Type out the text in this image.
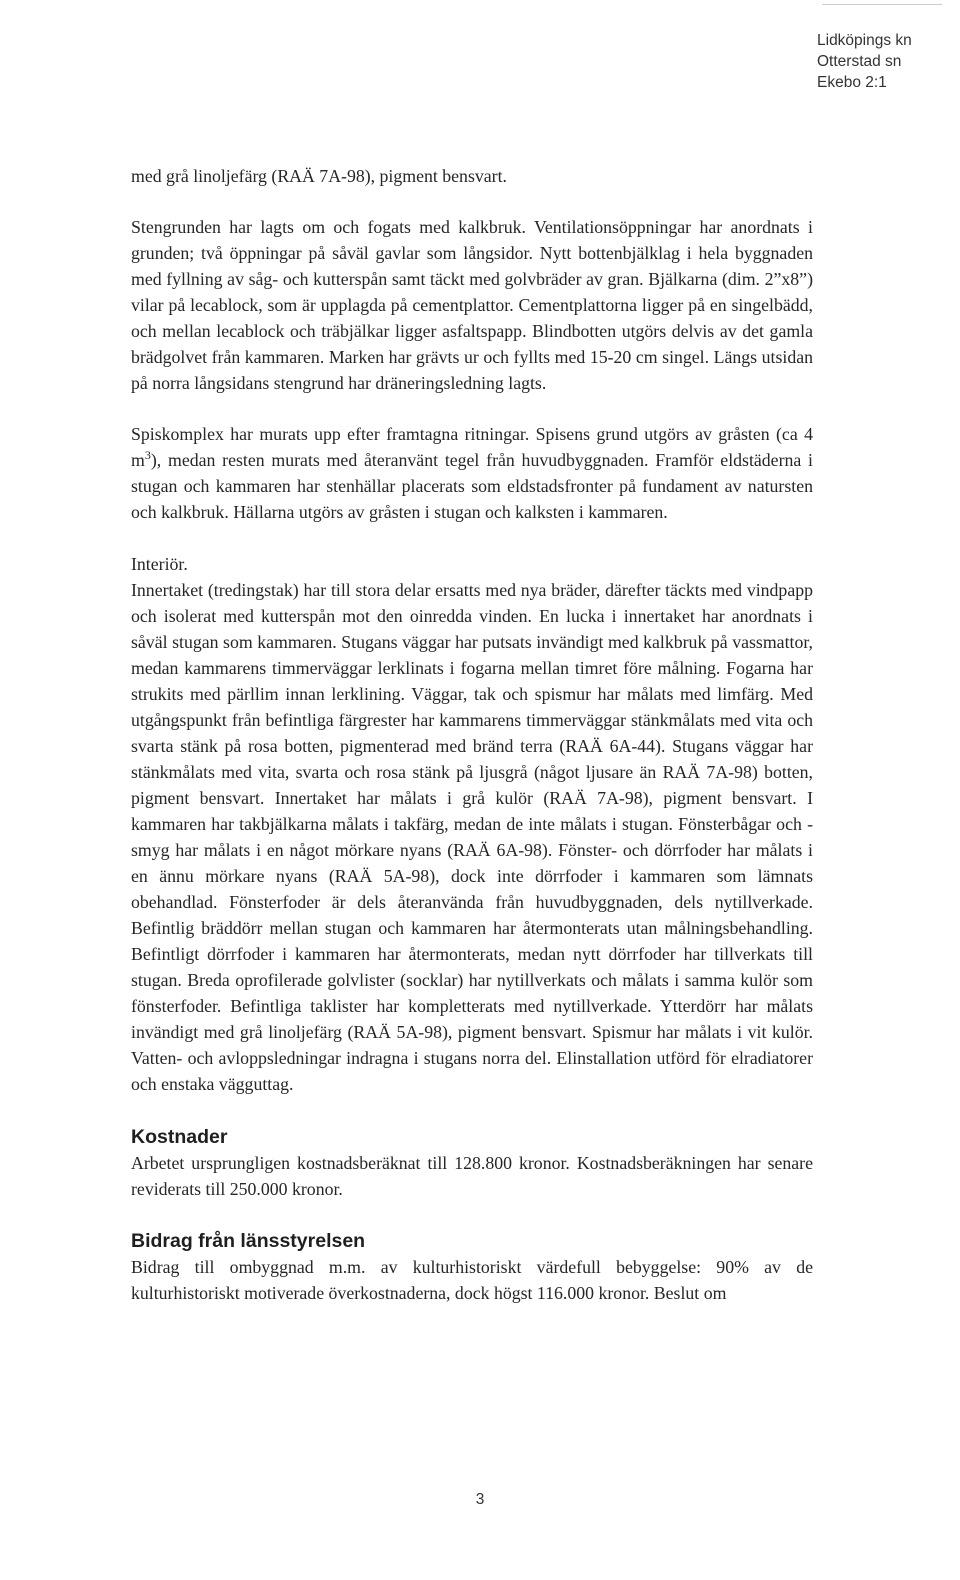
Lidköpings kn
Otterstad sn
Ekebo 2:1

med grå linoljefärg (RAÄ 7A-98), pigment bensvart.

Stengrunden har lagts om och fogats med kalkbruk. Ventilationsöppningar har anordnats i grunden; två öppningar på såväl gavlar som långsidor. Nytt bottenbjälklag i hela byggnaden med fyllning av såg- och kutterspån samt täckt med golvbräder av gran. Bjälkarna (dim. 2”x8”) vilar på lecablock, som är upplagda på cementplattor. Cementplattorna ligger på en singelbädd, och mellan lecablock och träbjälkar ligger asfaltspapp. Blindbotten utgörs delvis av det gamla brädgolvet från kammaren. Marken har grävts ur och fyllts med 15-20 cm singel. Längs utsidan på norra långsidans stengrund har dräneringsledning lagts.

Spiskomplex har murats upp efter framtagna ritningar. Spisens grund utgörs av gråsten (ca 4 $m^3$), medan resten murats med återanvänt tegel från huvudbyggnaden. Framför eldstäderna i stugan och kammaren har stenhällar placerats som eldstadsfronter på fundament av natursten och kalkbruk. Hällarna utgörs av gråsten i stugan och kalksten i kammaren.

Interiör.

Innertaket (tredingstak) har till stora delar ersatts med nya bräder, därefter täckts med vindpapp och isolerat med kutterspån mot den oinredda vinden. En lucka i innertaket har anordnats i såväl stugan som kammaren. Stugans väggar har putsats invändigt med kalkbruk på vassmattor, medan kammarens timmerväggar lerklinats i fogarna mellan timret före målning. Fogarna har strukits med pärllim innan lerklining. Väggar, tak och spismur har målats med limfärg. Med utgångspunkt från befintliga färgrester har kammarens timmerväggar stänkmålats med vita och svarta stänk på rosa botten, pigmenterad med bränd terra (RAÄ 6A-44). Stugans väggar har stänkmålats med vita, svarta och rosa stänk på ljusgrå (något ljusare än RAÄ 7A-98) botten, pigment bensvart. Innertaket har målats i grå kulör (RAÄ 7A-98), pigment bensvart. I kammaren har takbjälkarna målats i takfärg, medan de inte målats i stugan. Fönsterbågar och - smyg har målats i en något mörkare nyans (RAÄ 6A-98). Fönster- och dörrfoder har målats i en ännu mörkare nyans (RAÄ 5A-98), dock inte dörrfoder i kammaren som lämnats obehandlad. Fönsterfoder är dels återanvända från huvudbyggnaden, dels nytillverkade. Befintlig bräddörr mellan stugan och kammaren har återmonterats utan målningsbehandling. Befintligt dörrfoder i kammaren har återmonterats, medan nytt dörrfoder har tillverkats till stugan. Breda oprofilerade golvlister (socklar) har nytillverkats och målats i samma kulör som fönsterfoder. Befintliga taklister har kompletterats med nytillverkade. Ytterdörr har målats invändigt med grå linoljefärg (RAÄ 5A-98), pigment bensvart. Spismur har målats i vit kulör. Vatten- och avloppsledningar indragna i stugans norra del. Elinstallation utförd för elradiatorer och enstaka vägguttag.

Kostnader

Arbetet ursprungligen kostnadsberäknat till 128.800 kronor. Kostnadsberäkningen har senare reviderats till 250.000 kronor.

Bidrag från länsstyrelsen

Bidrag till ombyggnad m.m. av kulturhistoriskt värdefull bebyggelse: 90% av de kulturhistoriskt motiverade överkostnaderna, dock högst 116.000 kronor. Beslut om

3
